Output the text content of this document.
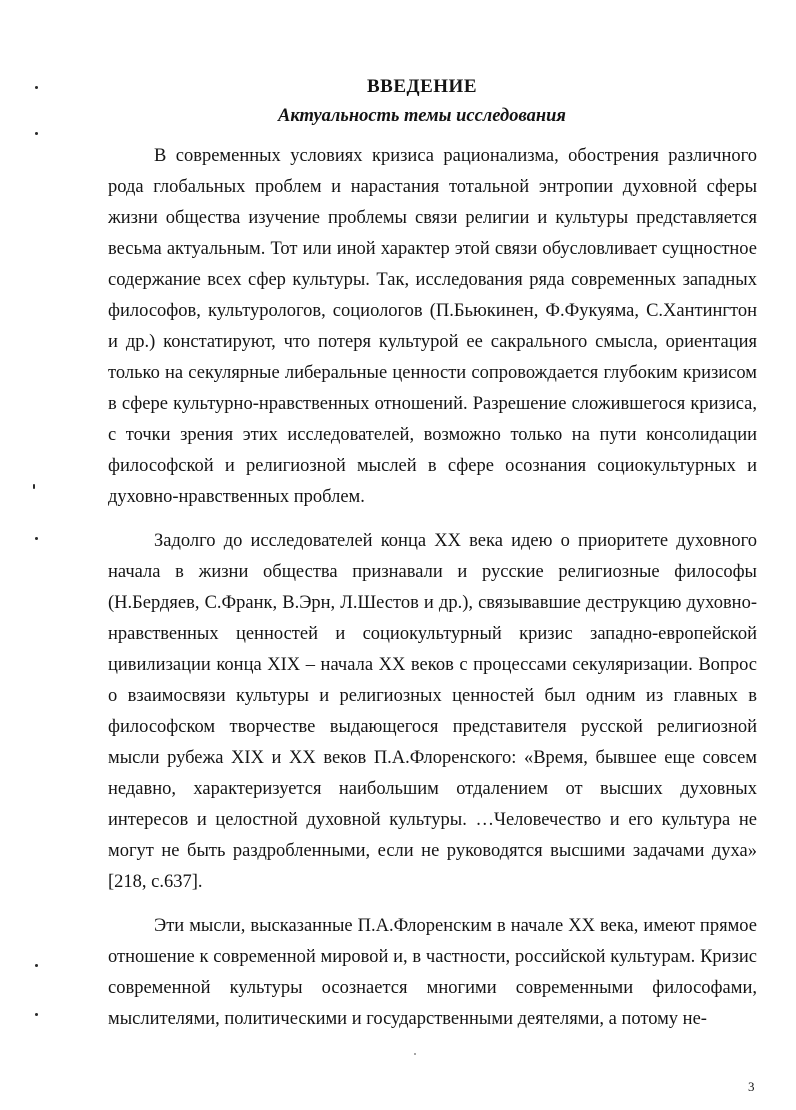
ВВЕДЕНИЕ
Актуальность темы исследования

В современных условиях кризиса рационализма, обострения различного рода глобальных проблем и нарастания тотальной энтропии духовной сферы жизни общества изучение проблемы связи религии и культуры представляется весьма актуальным. Тот или иной характер этой связи обусловливает сущностное содержание всех сфер культуры. Так, исследования ряда современных западных философов, культурологов, социологов (П.Бьюкинен, Ф.Фукуяма, С.Хантингтон и др.) констатируют, что потеря культурой ее сакрального смысла, ориентация только на секулярные либеральные ценности сопровождается глубоким кризисом в сфере культурно-нравственных отношений. Разрешение сложившегося кризиса, с точки зрения этих исследователей, возможно только на пути консолидации философской и религиозной мыслей в сфере осознания социокультурных и духовно-нравственных проблем.

Задолго до исследователей конца XX века идею о приоритете духовного начала в жизни общества признавали и русские религиозные философы (Н.Бердяев, С.Франк, В.Эрн, Л.Шестов и др.), связывавшие деструкцию духовно-нравственных ценностей и социокультурный кризис западно-европейской цивилизации конца XIX – начала XX веков с процессами секуляризации. Вопрос о взаимосвязи культуры и религиозных ценностей был одним из главных в философском творчестве выдающегося представителя русской религиозной мысли рубежа XIX и XX веков П.А.Флоренского: «Время, бывшее еще совсем недавно, характеризуется наибольшим отдалением от высших духовных интересов и целостной духовной культуры. …Человечество и его культура не могут не быть раздробленными, если не руководятся высшими задачами духа» [218, с.637].

Эти мысли, высказанные П.А.Флоренским в начале XX века, имеют прямое отношение к современной мировой и, в частности, российской культурам. Кризис современной культуры осознается многими современными философами, мыслителями, политическими и государственными деятелями, а потому не-

3
